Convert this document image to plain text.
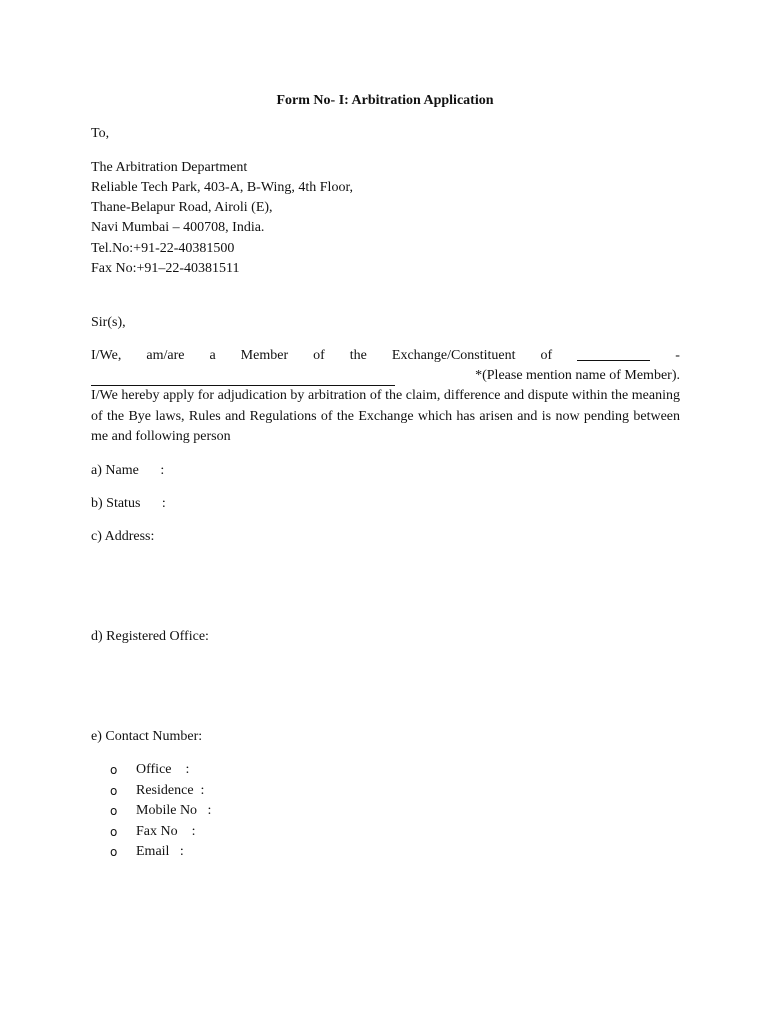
Form No- I: Arbitration Application
To,
The Arbitration Department
Reliable Tech Park, 403-A, B-Wing, 4th Floor,
Thane-Belapur Road, Airoli (E),
Navi Mumbai – 400708, India.
Tel.No:+91-22-40381500
Fax No:+91–22-40381511
Sir(s),
I/We, am/are a Member of the Exchange/Constituent of	-
*(Please mention name of Member).
I/We hereby apply for adjudication by arbitration of the claim, difference and dispute within the meaning of the Bye laws, Rules and Regulations of the Exchange which has arisen and is now pending between me and following person
a) Name :
b) Status :
c) Address:
d) Registered Office:
e) Contact Number:
o	Office    :
o	Residence  :
o	Mobile No   :
o	Fax No    :
o	Email   :
